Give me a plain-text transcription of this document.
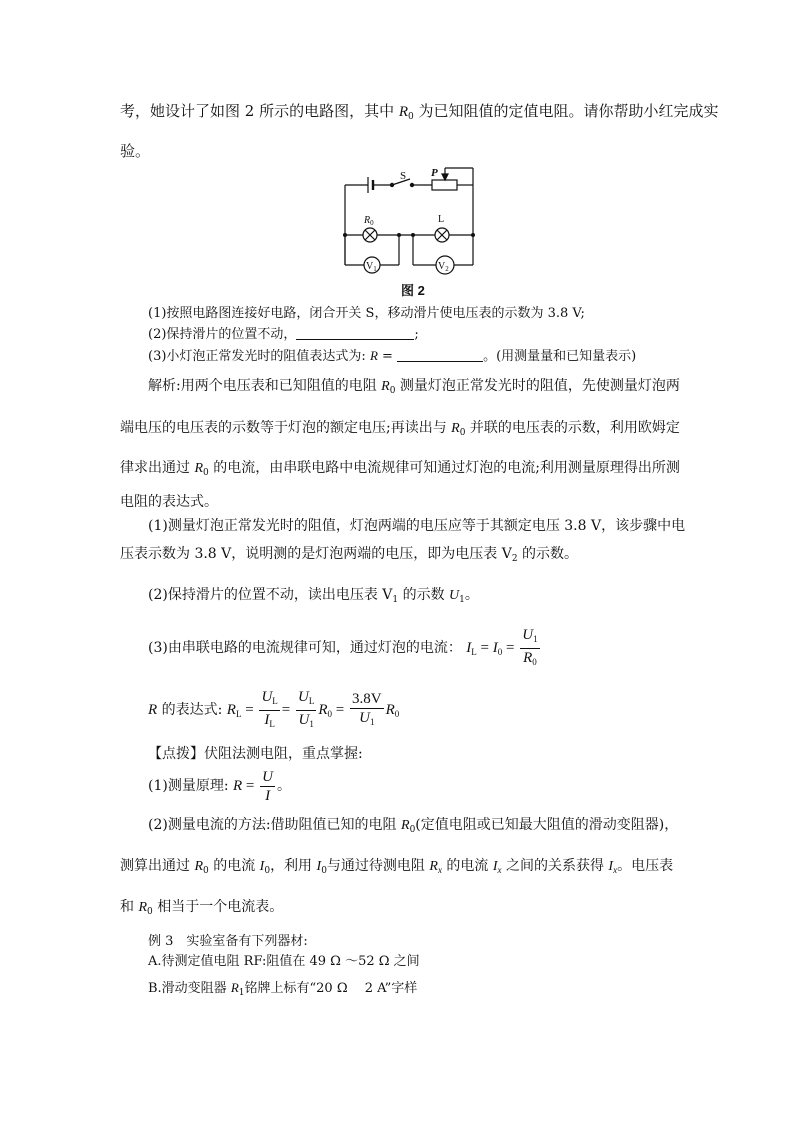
考，她设计了如图 2 所示的电路图，其中 $R_0$ 为已知阻值的定值电阻。请你帮助小红完成实
验。
S P
$R_0$	L
$V_1$	$V_2$
图 2
(1)按照电路图连接好电路，闭合开关 S，移动滑片使电压表的示数为 3.8 V;
(2)保持滑片的位置不动，	;
(3)小灯泡正常发光时的阻值表达式为: R =	。(用测量量和已知量表示)
解析:用两个电压表和已知阻值的电阻 $R_0$ 测量灯泡正常发光时的阻值，先使测量灯泡两
端电压的电压表的示数等于灯泡的额定电压;再读出与 $R_0$ 并联的电压表的示数，利用欧姆定
律求出通过 $R_0$ 的电流，由串联电路中电流规律可知通过灯泡的电流;利用测量原理得出所测
电阻的表达式。
(1)测量灯泡正常发光时的阻值，灯泡两端的电压应等于其额定电压 3.8 V，该步骤中电
压表示数为 3.8 V，说明测的是灯泡两端的电压，即为电压表 $V_2$ 的示数。
(2)保持滑片的位置不动，读出电压表 $V_1$ 的示数 $U_1$。
(3)由串联电路的电流规律可知，通过灯泡的电流： $I_L = I_0 = \frac{U_1}{R_0}$
R 的表达式: $R_L = \frac{U_L}{I_L} = \frac{U_L}{U_1} R_0 = \frac{3.8V}{U_1} R_0$
【点拨】伏阻法测电阻，重点掌握:
(1)测量原理: $R = \frac{U}{I}$ 。
(2)测量电流的方法:借助阻值已知的电阻 $R_0$(定值电阻或已知最大阻值的滑动变阻器)，
测算出通过 $R_0$ 的电流 $I_0$，利用 $I_0$与通过待测电阻 $R_x$ 的电流 $I_x$ 之间的关系获得 $I_x$。电压表
和 $R_0$ 相当于一个电流表。
例 3　实验室备有下列器材:
A.待测定值电阻 RF:阻值在 49 Ω ～52 Ω 之间
B.滑动变阻器 $R_1$铭牌上标有“20 Ω　 2 A”字样
